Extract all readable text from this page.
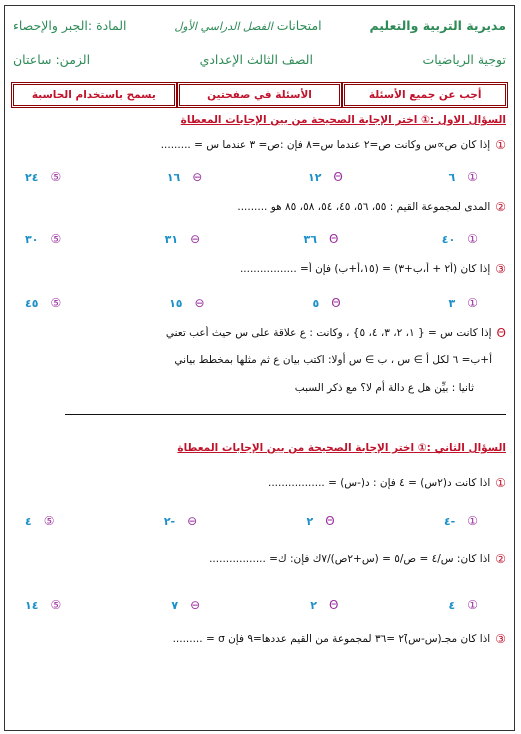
مديرية التربية والتعليم
امتحانات الفصل الدراسي الأول
المادة :الجبر والإحصاء
توجية الرياضيات
الصف الثالث الإعدادي
الزمن: ساعتان
أجب عن جميع الأسئلة
الأسئلة في صفحتين
يسمح باستخدام الحاسبة
السؤال الاول :① اختر الإجابة الصحيحة من بين الإجابات المعطاة
①
إذا كان ص∝س وكانت ص=٢ عندما س=٨ فإن :ص= ٣ عندما س = .........
①
٦
Θ
١٢
⊖
١٦
⑤
٢٤
②
المدى لمجموعة القيم : ٥٥، ٥٦، ٤٥، ٥٤، ٥٨، ٨٥ هو .........
①
٤٠
Θ
٣٦
⊖
٣١
⑤
٣٠
③
إذا كان (أ٢ + أ،ب+٣) = (١٥،أ+ب) فإن أ= .................
①
٣
Θ
٥
⊖
١٥
⑤
٤٥
Θ
إذا كانت س = { ١، ٢، ٣، ٤، ٥} ، وكانت : ع علاقة على س حيث أعب تعني
أ+ب= ٦ لكل أ ∋ س ، ب ∋ س أولا: اكتب بيان ع ثم مثلها بمخطط بياني
ثانيا : بيِّن هل ع دالة أم لا؟ مع ذكر السبب
السؤال الثاني :① اختر الإجابة الصحيحة من بين الإجابات المعطاة
①
اذا كانت د(٢س) = ٤ فإن : د(-س) = .................
①
-٤
Θ
٢
⊖
-٢
⑤
٤
②
اذا كان: س/٤ = ص/٥ = (س+٢ص)/٧ك فإن: ك= .................
①
٤
Θ
٢
⊖
٧
⑤
١٤
③
اذا كان مجـ(س-س̄)٢ =٣٦ لمجموعة من القيم عددها=٩ فإن σ = .........
